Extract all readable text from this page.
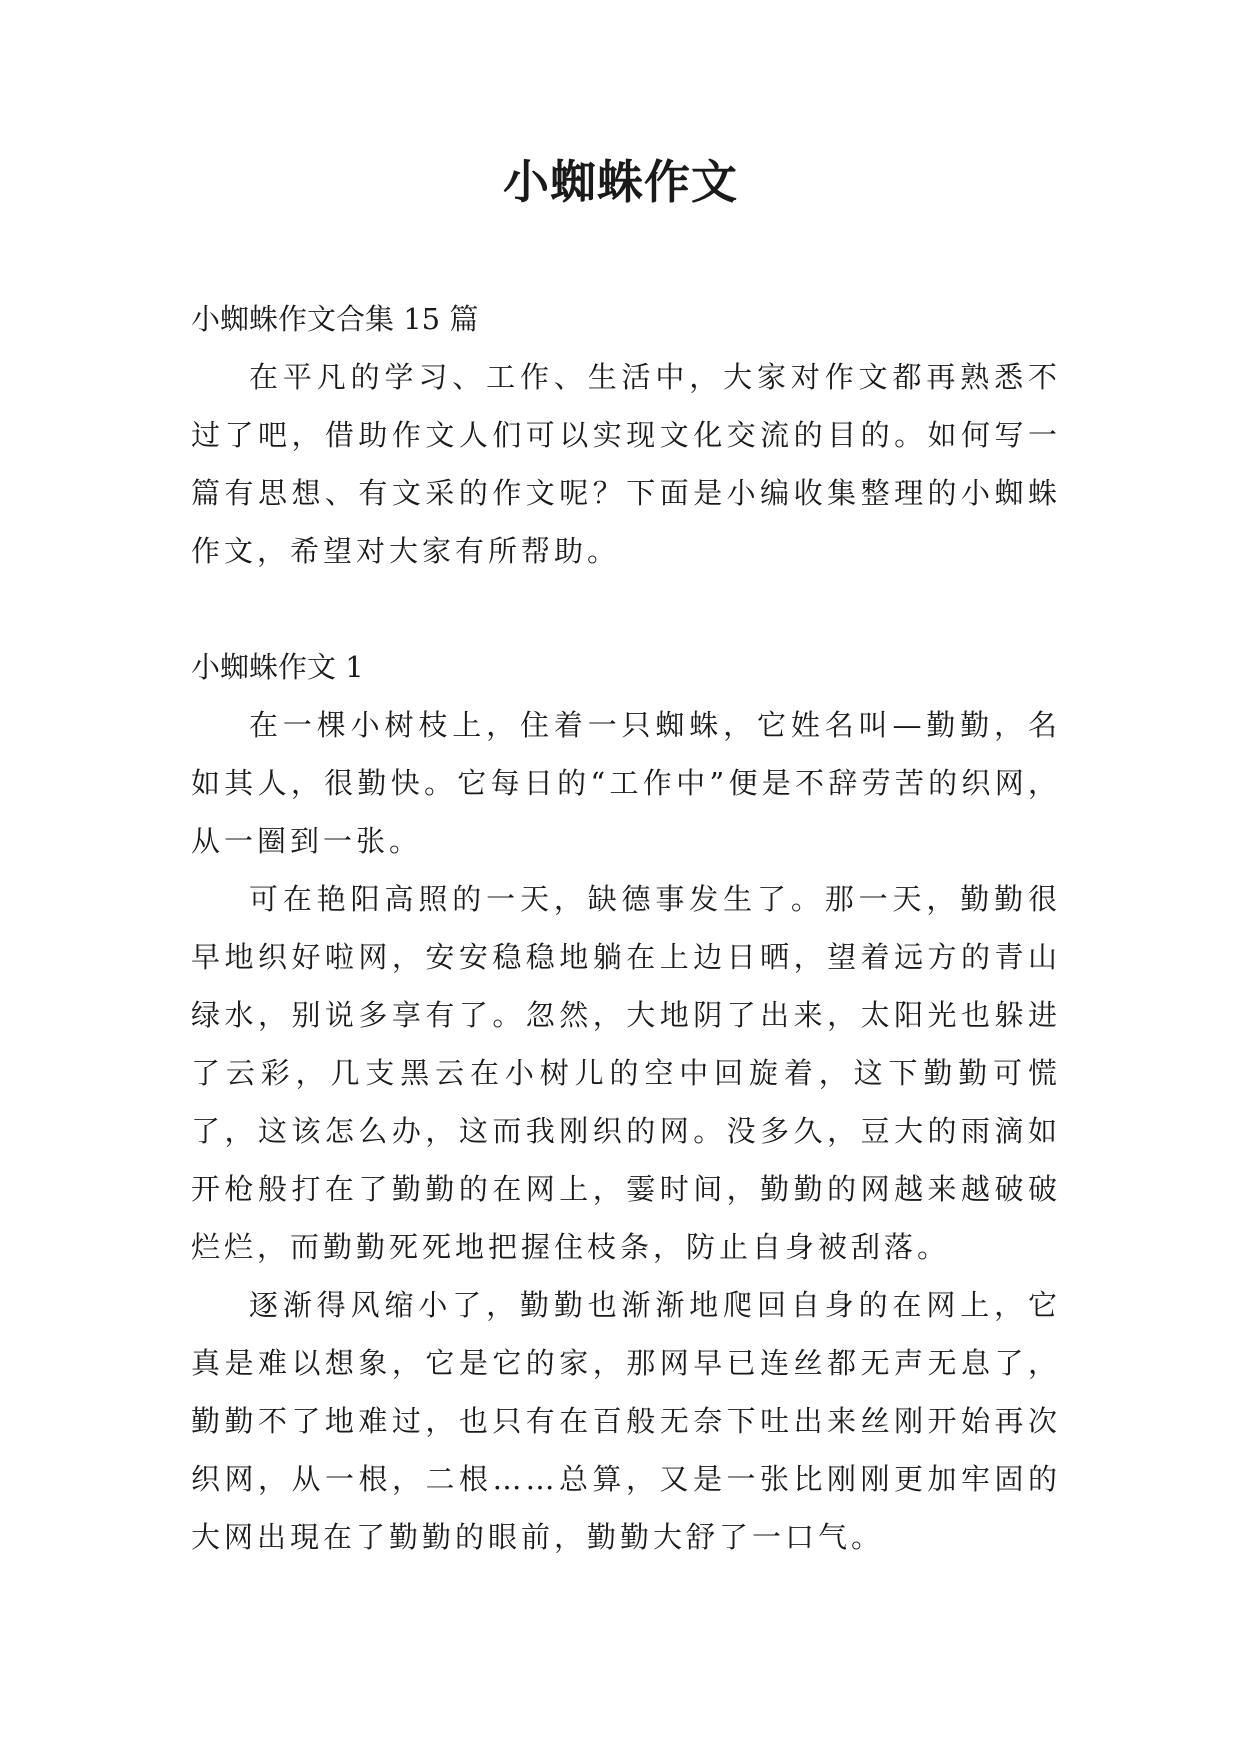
小蜘蛛作文

小蜘蛛作文合集 15 篇

在平凡的学习、工作、生活中，大家对作文都再熟悉不过了吧，借助作文人们可以实现文化交流的目的。如何写一篇有思想、有文采的作文呢？下面是小编收集整理的小蜘蛛作文，希望对大家有所帮助。

小蜘蛛作文 1

在一棵小树枝上，住着一只蜘蛛，它姓名叫—勤勤，名如其人，很勤快。它每日的“工作中”便是不辞劳苦的织网，从一圈到一张。

可在艳阳高照的一天，缺德事发生了。那一天，勤勤很早地织好啦网，安安稳稳地躺在上边日晒，望着远方的青山绿水，别说多享有了。忽然，大地阴了出来，太阳光也躲进了云彩，几支黑云在小树儿的空中回旋着，这下勤勤可慌了，这该怎么办，这而我刚织的网。没多久，豆大的雨滴如开枪般打在了勤勤的在网上，霎时间，勤勤的网越来越破破烂烂，而勤勤死死地把握住枝条，防止自身被刮落。

逐渐得风缩小了，勤勤也渐渐地爬回自身的在网上，它真是难以想象，它是它的家，那网早已连丝都无声无息了，勤勤不了地难过，也只有在百般无奈下吐出来丝刚开始再次织网，从一根，二根……总算，又是一张比刚刚更加牢固的大网出現在了勤勤的眼前，勤勤大舒了一口气。
